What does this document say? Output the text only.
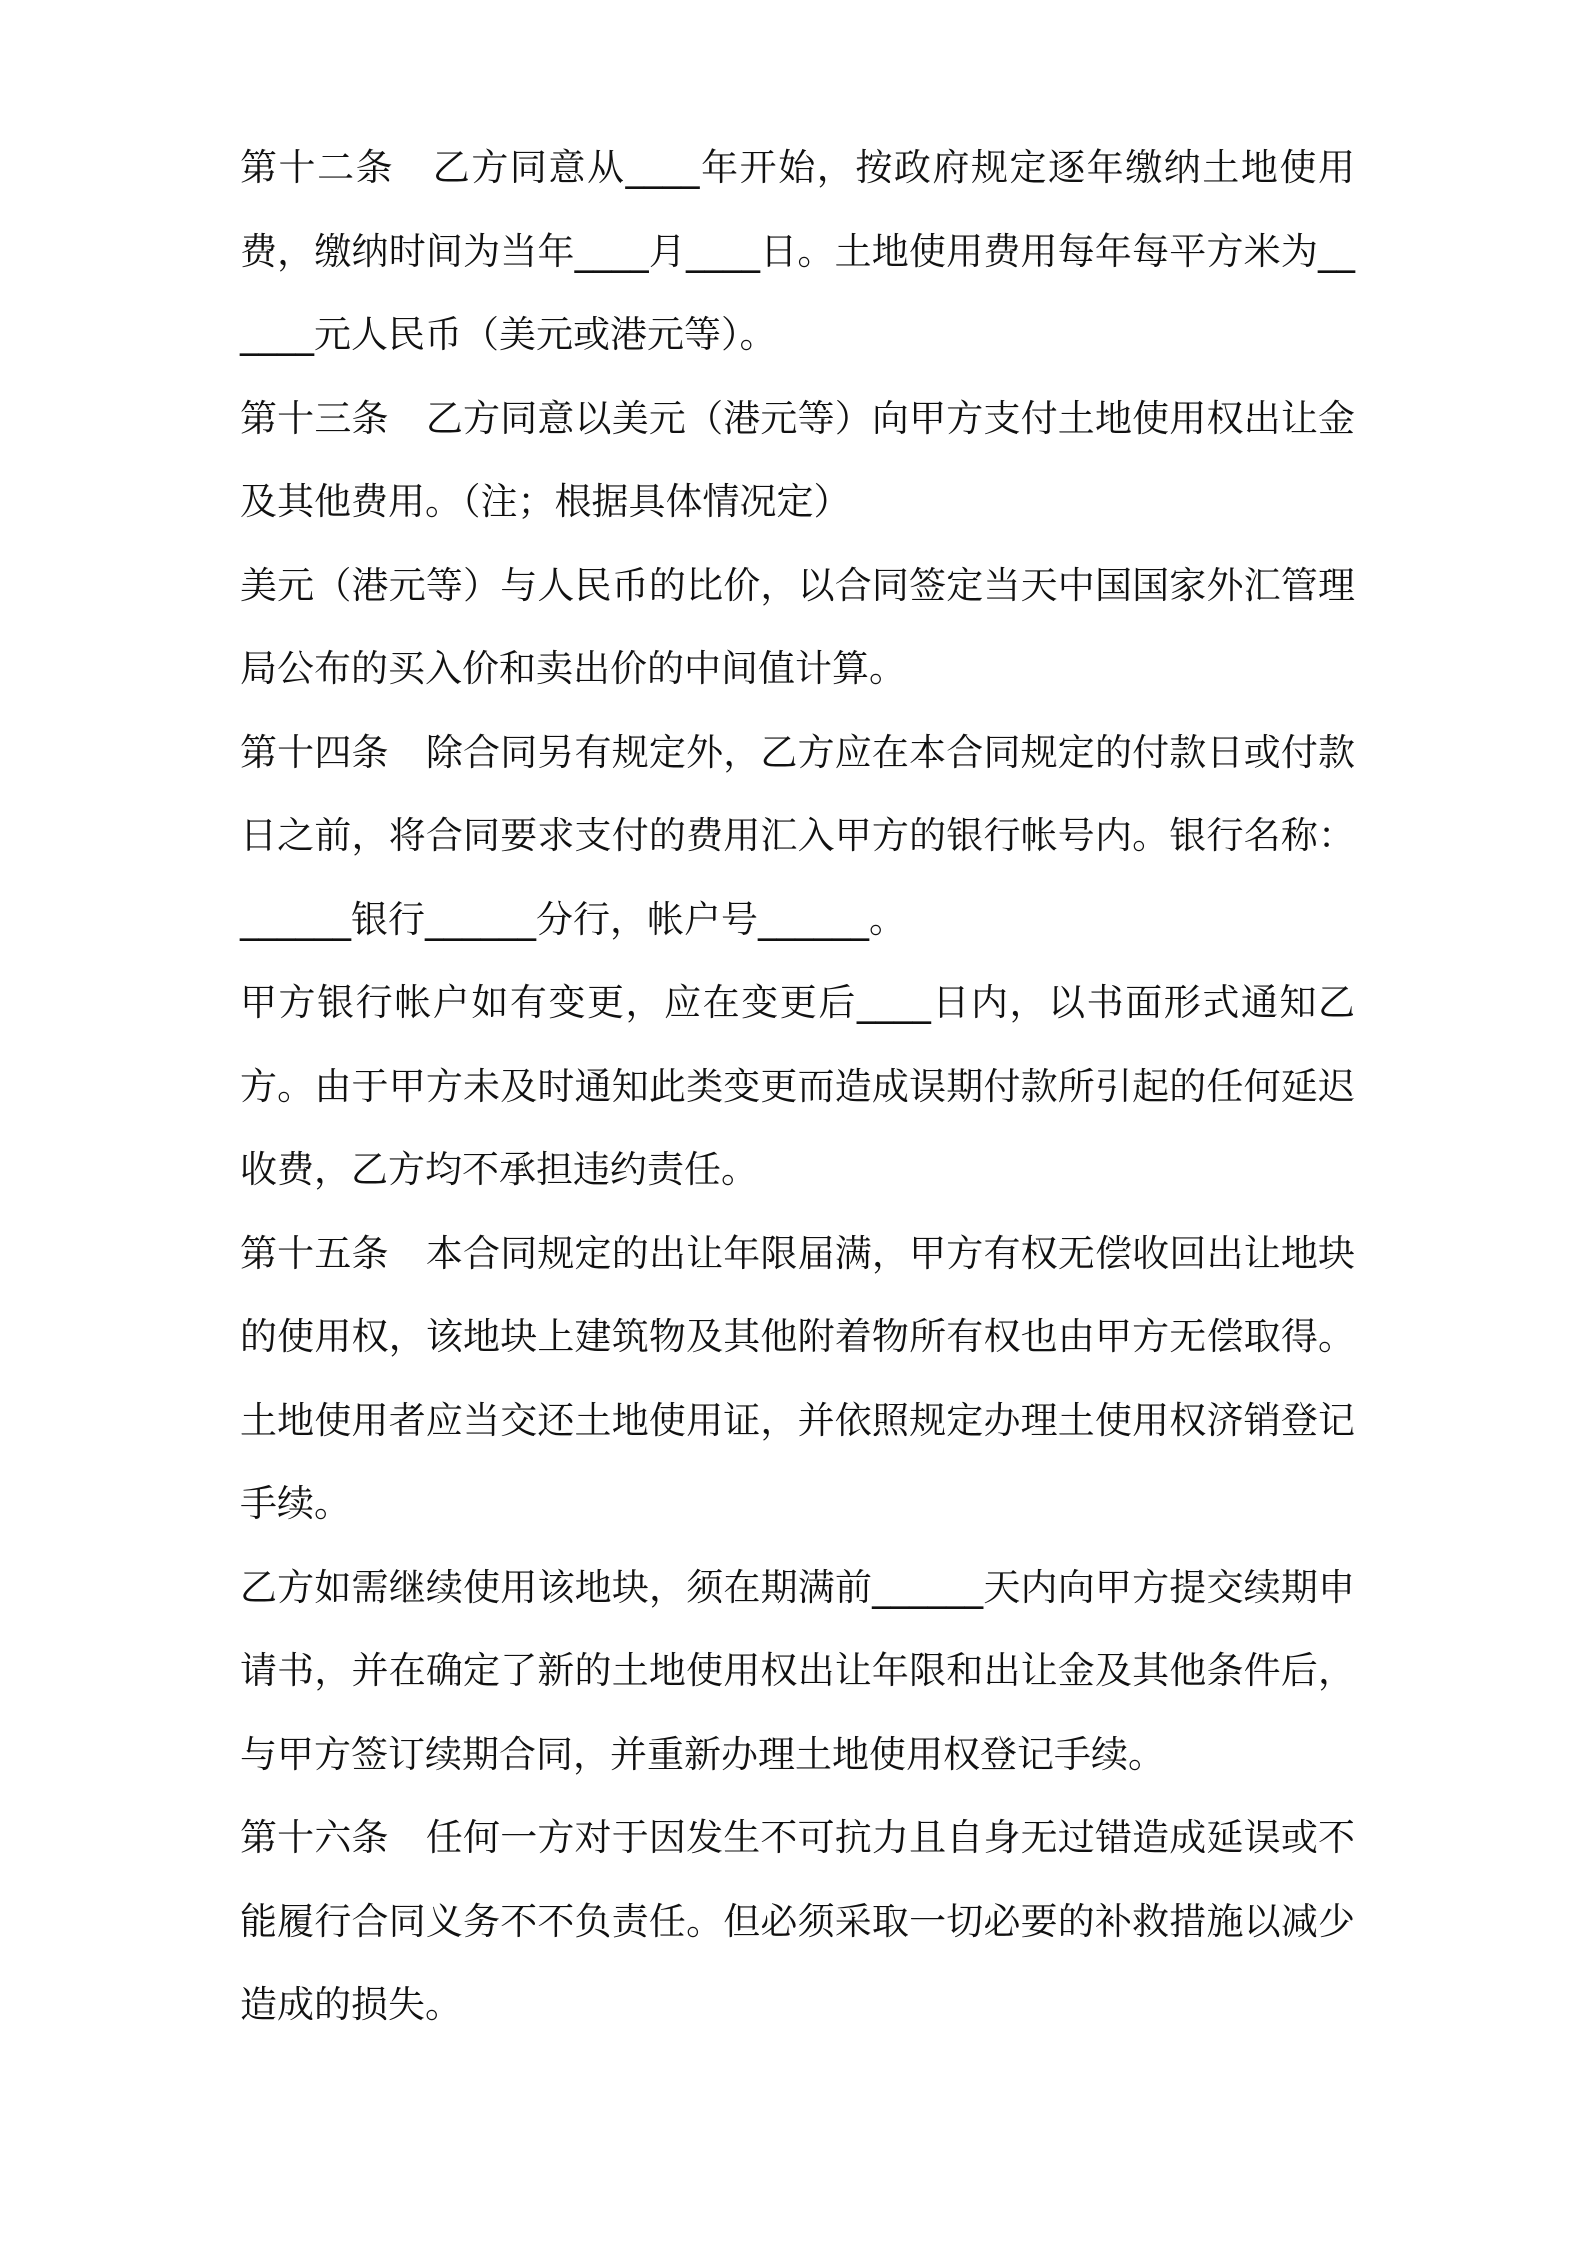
第十二条　乙方同意从____年开始，按政府规定逐年缴纳土地使用费，缴纳时间为当年____月____日。土地使用费用每年每平方米为______元人民币（美元或港元等）。

第十三条　乙方同意以美元（港元等）向甲方支付土地使用权出让金及其他费用。（注；根据具体情况定）

美元（港元等）与人民币的比价，以合同签定当天中国国家外汇管理局公布的买入价和卖出价的中间值计算。

第十四条　除合同另有规定外，乙方应在本合同规定的付款日或付款日之前，将合同要求支付的费用汇入甲方的银行帐号内。银行名称：______银行______分行，帐户号______。

甲方银行帐户如有变更，应在变更后____日内，以书面形式通知乙方。由于甲方未及时通知此类变更而造成误期付款所引起的任何延迟收费，乙方均不承担违约责任。

第十五条　本合同规定的出让年限届满，甲方有权无偿收回出让地块的使用权，该地块上建筑物及其他附着物所有权也由甲方无偿取得。土地使用者应当交还土地使用证，并依照规定办理土使用权济销登记手续。

乙方如需继续使用该地块，须在期满前______天内向甲方提交续期申请书，并在确定了新的土地使用权出让年限和出让金及其他条件后，与甲方签订续期合同，并重新办理土地使用权登记手续。

第十六条　任何一方对于因发生不可抗力且自身无过错造成延误或不能履行合同义务不不负责任。但必须采取一切必要的补救措施以减少造成的损失。
